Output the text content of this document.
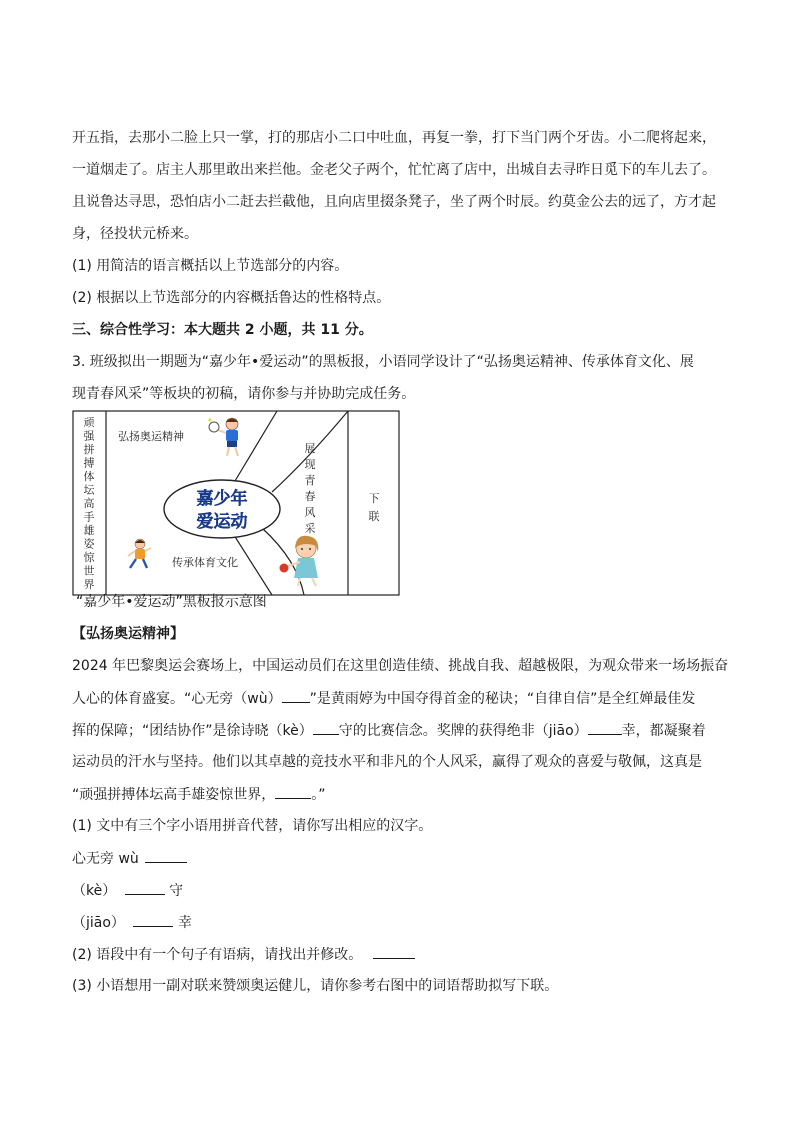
开五指，去那小二脸上只一掌，打的那店小二口中吐血，再复一拳，打下当门两个牙齿。小二爬将起来，
一道烟走了。店主人那里敢出来拦他。金老父子两个，忙忙离了店中，出城自去寻昨日觅下的车儿去了。
且说鲁达寻思，恐怕店小二赶去拦截他，且向店里掇条凳子，坐了两个时辰。约莫金公去的远了，方才起
身，径投状元桥来。
(1) 用简洁的语言概括以上节选部分的内容。
(2) 根据以上节选部分的内容概括鲁达的性格特点。
三、综合性学习：本大题共 2 小题，共 11 分。
3. 班级拟出一期题为“嘉少年•爱运动”的黑板报，小语同学设计了“弘扬奥运精神、传承体育文化、展
现青春风采”等板块的初稿，请你参与并协助完成任务。
顽
强
拼
搏
体
坛
高
手
雄
姿
惊
世
界
展
现
青
春
风
采
下
联
弘扬奥运精神
传承体育文化
嘉少年
爱运动
“嘉少年•爱运动”黑板报示意图
【弘扬奥运精神】
2024 年巴黎奥运会赛场上，中国运动员们在这里创造佳绩、挑战自我、超越极限，为观众带来一场场振奋
人心的体育盛宴。“心无旁（wù） ”是黄雨婷为中国夺得首金的秘诀；“自律自信”是全红婵最佳发
挥的保障；“团结协作”是徐诗晓（kè） 守的比赛信念。奖牌的获得绝非（jiāo） 幸，都凝聚着
运动员的汗水与坚持。他们以其卓越的竞技水平和非凡的个人风采，赢得了观众的喜爱与敬佩，这真是
“顽强拼搏体坛高手雄姿惊世界，	。”
(1) 文中有三个字小语用拼音代替，请你写出相应的汉字。
心无旁 wù
（kè）	守
（jiāo）	幸
(2) 语段中有一个句子有语病，请找出并修改。
(3) 小语想用一副对联来赞颂奥运健儿，请你参考右图中的词语帮助拟写下联。
